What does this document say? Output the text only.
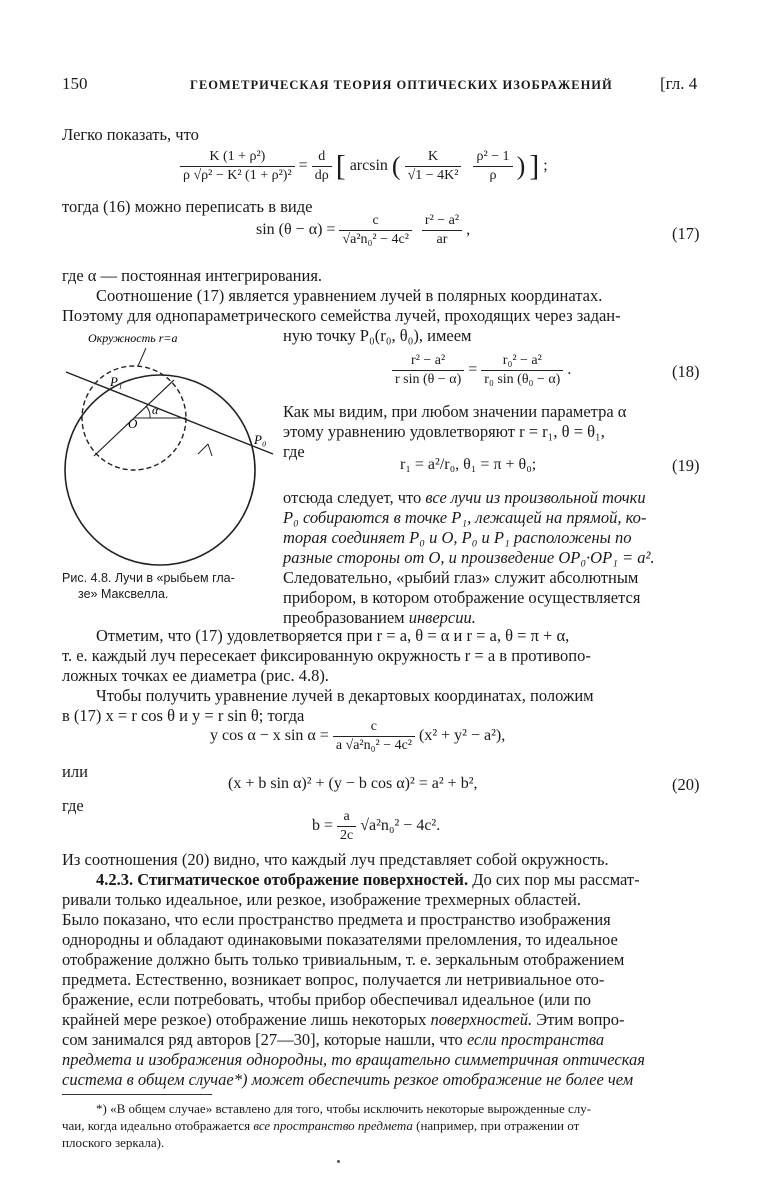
150	ГЕОМЕТРИЧЕСКАЯ ТЕОРИЯ ОПТИЧЕСКИХ ИЗОБРАЖЕНИЙ	[гл. 4
Легко показать, что
$\frac{\text{K (1 + ρ²)}}{\text{ρ √ρ² − K² (1 + ρ²)²}} = \frac{d}{d\rho}$ [ arcsin ( $\frac{K}{\text{√1 − 4K²}}$
$\frac{\text{ρ² − 1}}{\rho}$ ) ] ;
тогда (16) можно переписать в виде
$\sin (\theta - \alpha) = \frac{c}{\text{√a²n₀² − 4c²}}$
$\frac{\text{r² − a²}}{ar}$ ,	(17)
где α — постоянная интегрирования.
Соотношение (17) является уравнением лучей в полярных координатах.
Поэтому для однопараметрического семейства лучей, проходящих через задан-
ную точку P₀(r₀, θ₀), имеем
Окружность r=a
P₁
O
α
P₀
Рис. 4.8. Лучи в «рыбьем гла-
зе» Максвелла.
$\frac{\text{r² − a²}}{\text{r sin (θ − α)}} = \frac{\text{r₀² − a²}}{\text{r₀ sin (θ₀ − α)}}$ .	(18)
Как мы видим, при любом значении параметра α
этому уравнению удовлетворяют r = r₁, θ = θ₁,
где
r₁ = a²/r₀, θ₁ = π + θ₀;	(19)
отсюда следует, что все лучи из произвольной точки
P₀ собираются в точке P₁, лежащей на прямой, ко-
торая соединяет P₀ и O, P₀ и P₁ расположены по
разные стороны от O, и произведение OP₀·OP₁ = a².
Следовательно, «рыбий глаз» служит абсолютным
прибором, в котором отображение осуществляется
преобразованием инверсии.
Отметим, что (17) удовлетворяется при r = a, θ = α и r = a, θ = π + α,
т. е. каждый луч пересекает фиксированную окружность r = a в противопо-
ложных точках ее диаметра (рис. 4.8).
Чтобы получить уравнение лучей в декартовых координатах, положим
в (17) x = r cos θ и y = r sin θ; тогда
y cos α − x $\sin \alpha = \frac{c}{\text{a √a²n₀² − 4c²}} (x^2 + y^2 - a^2)$,
или
(x + b sin α)² + (y − b cos α)² = a² + b²,	(20)
где
$b = \frac{a}{2c} √a^2n_0^2 - 4c^2$.
Из соотношения (20) видно, что каждый луч представляет собой окружность.
4.2.3. Стигматическое отображение поверхностей. До сих пор мы рассмат-
ривали только идеальное, или резкое, изображение трехмерных областей.
Было показано, что если пространство предмета и пространство изображения
однородны и обладают одинаковыми показателями преломления, то идеальное
отображение должно быть только тривиальным, т. е. зеркальным отображением
предмета. Естественно, возникает вопрос, получается ли нетривиальное ото-
бражение, если потребовать, чтобы прибор обеспечивал идеальное (или по
крайней мере резкое) отображение лишь некоторых поверхностей. Этим вопро-
сом занимался ряд авторов [27—30], которые нашли, что если пространства
предмета и изображения однородны, то вращательно симметричная оптическая
система в общем случае*) может обеспечить резкое отображение не более чем
*) «В общем случае» вставлено для того, чтобы исключить некоторые вырожденные слу-
чаи, когда идеально отображается все пространство предмета (например, при отражении от
плоского зеркала).
